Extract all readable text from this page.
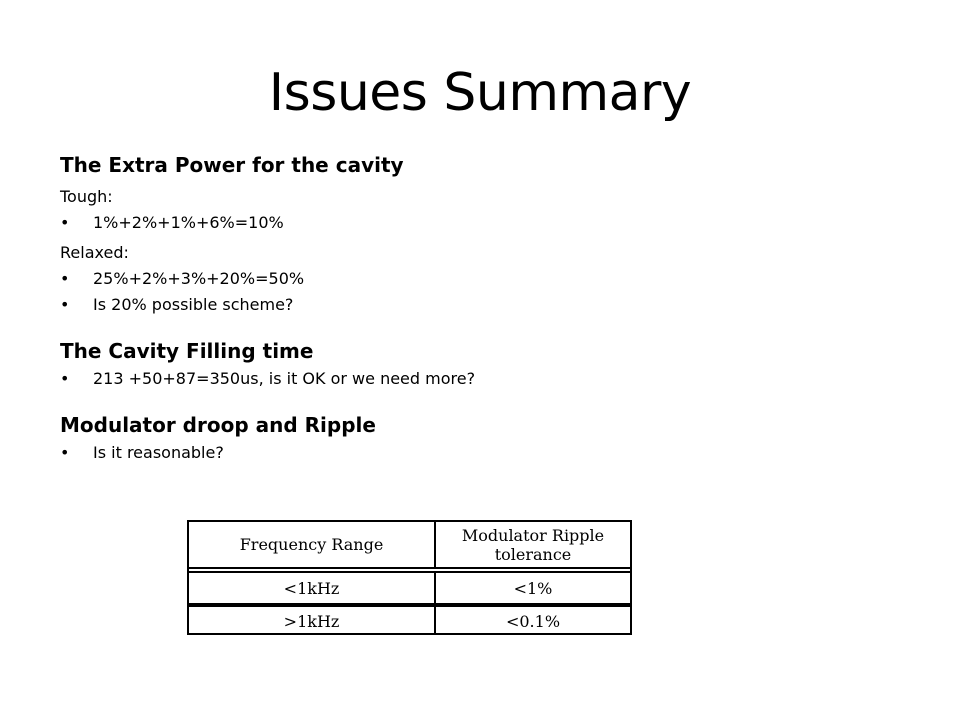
Issues Summary

The Extra Power for the cavity

Tough:

• 1%+2%+1%+6%=10%

Relaxed:

• 25%+2%+3%+20%=50%
• Is 20% possible scheme?

The Cavity Filling time

• 213 +50+87=350us, is it OK or we need more?

Modulator droop and Ripple

• Is it reasonable?
Frequency Range	Modulator Ripple tolerance
<1kHz	<1%
>1kHz	<0.1%
